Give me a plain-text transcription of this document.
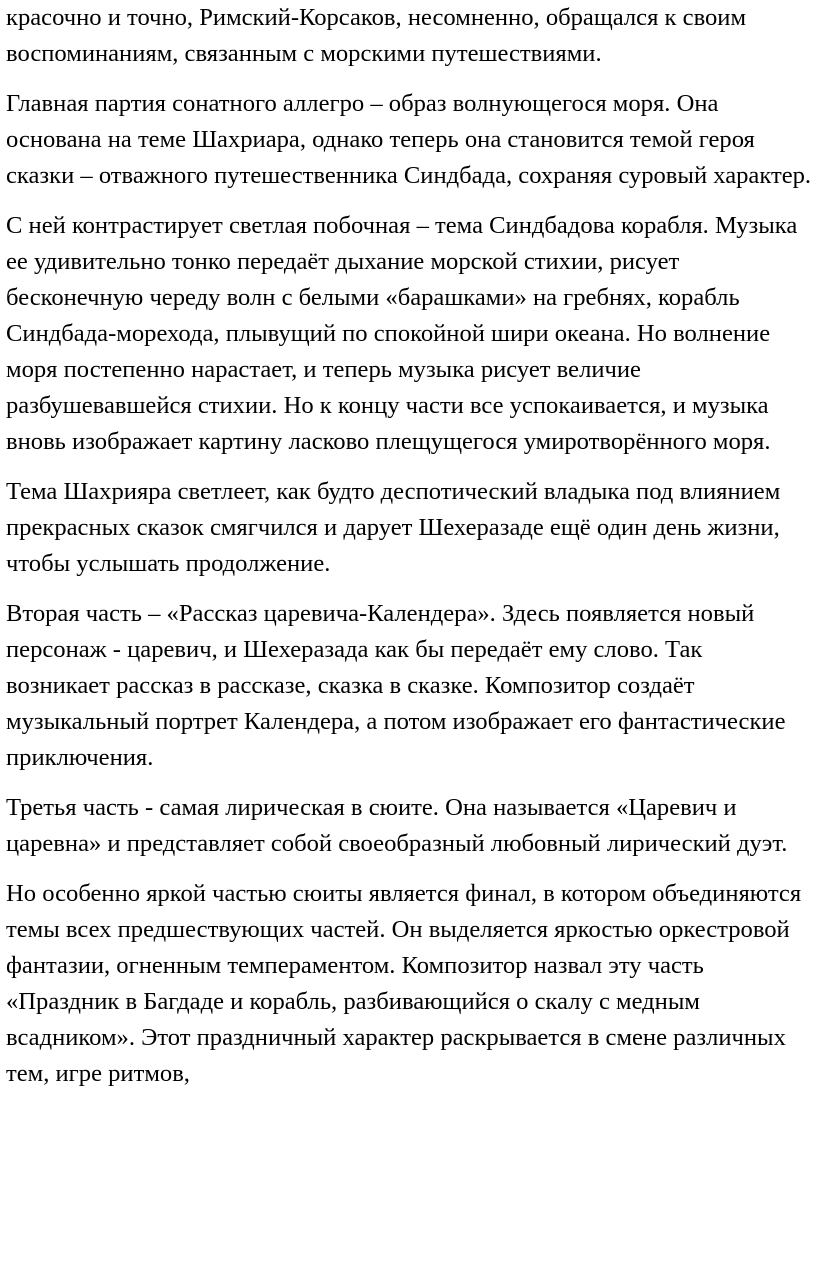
красочно и точно, Римский-Корсаков, несомненно, обращался к своим воспоминаниям, связанным с морскими путешествиями.

Главная партия сонатного аллегро – образ волнующегося моря. Она основана на теме Шахриара, однако теперь она становится темой героя сказки – отважного путешественника Синдбада, сохраняя суровый характер.

С ней контрастирует светлая побочная – тема Синдбадова корабля. Музыка ее удивительно тонко передаёт дыхание морской стихии, рисует бесконечную череду волн с белыми «барашками» на гребнях, корабль Синдбада-морехода, плывущий по спокойной шири океана. Но волнение моря постепенно нарастает, и теперь музыка рисует величие разбушевавшейся стихии. Но к концу части все успокаивается, и музыка вновь изображает картину ласково плещущегося умиротворённого моря.

Тема Шахрияра светлеет, как будто деспотический владыка под влиянием прекрасных сказок смягчился и дарует Шехеразаде ещё один день жизни, чтобы услышать продолжение.

Вторая часть – «Рассказ царевича-Календера». Здесь появляется новый персонаж - царевич, и Шехеразада как бы передаёт ему слово. Так возникает рассказ в рассказе, сказка в сказке. Композитор создаёт музыкальный портрет Календера, а потом изображает его фантастические приключения.

Третья часть - самая лирическая в сюите. Она называется «Царевич и царевна» и представляет собой своеобразный любовный лирический дуэт.

Но особенно яркой частью сюиты является финал, в котором объединяются темы всех предшествующих частей. Он выделяется яркостью оркестровой фантазии, огненным темпераментом. Композитор назвал эту часть «Праздник в Багдаде и корабль, разбивающийся о скалу с медным всадником». Этот праздничный характер раскрывается в смене различных тем, игре ритмов,
